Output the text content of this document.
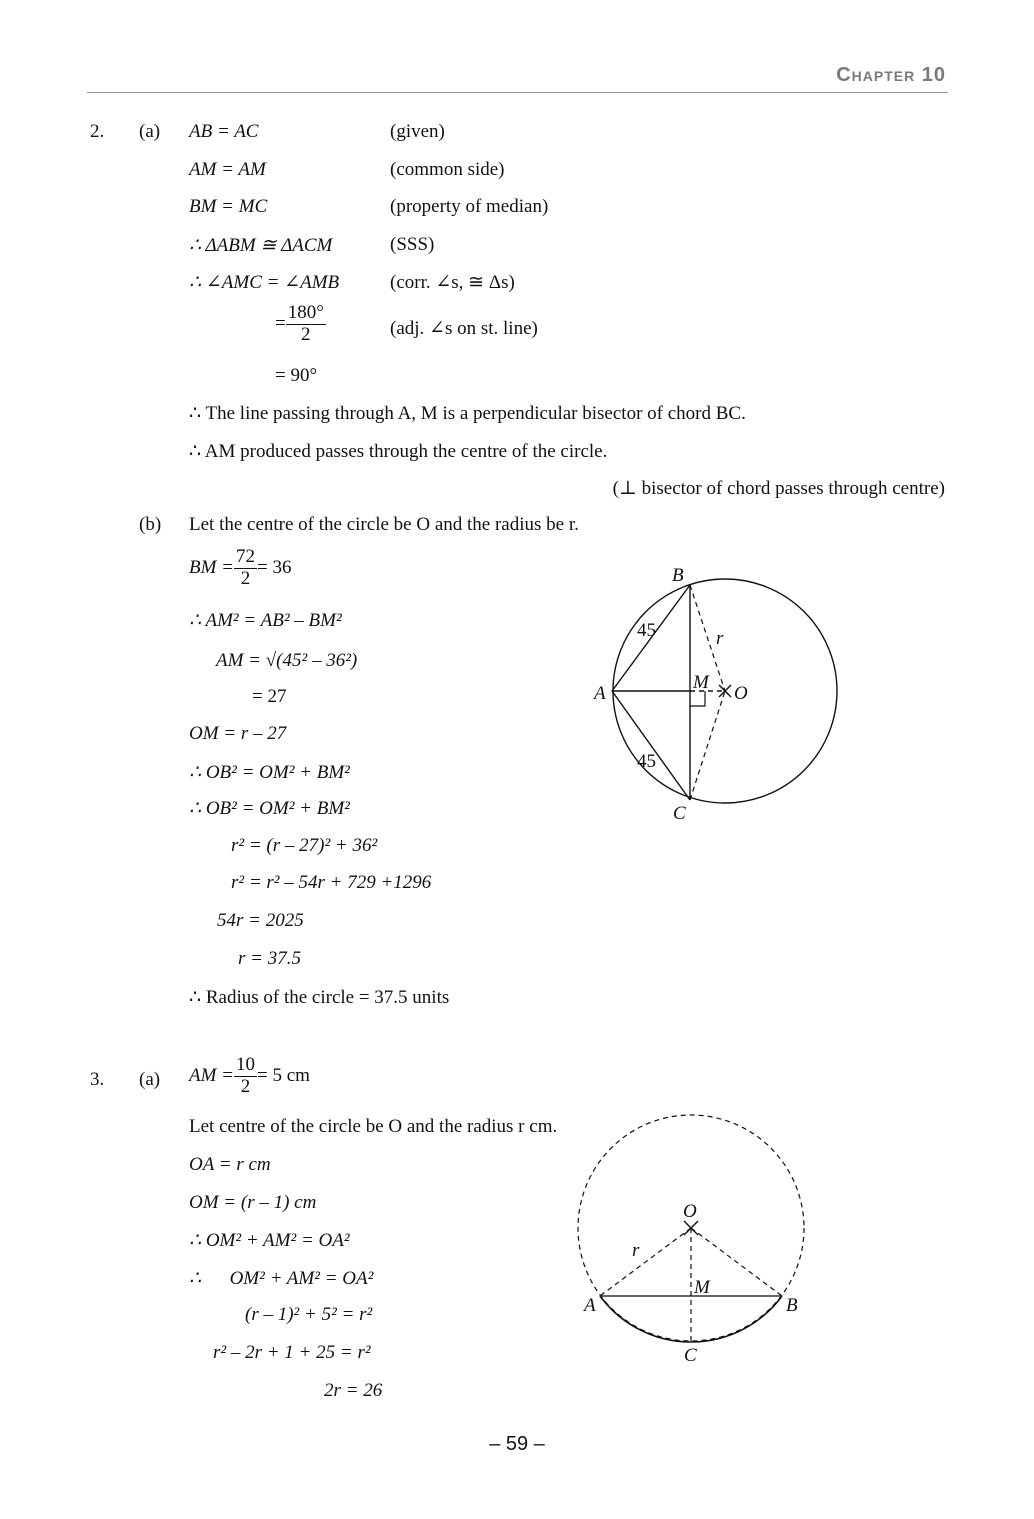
Chapter 10
2. (a) AB = AC	(given)
AM = AM	(common side)
BM = MC	(property of median)
∴ ΔABM ≅ ΔACM	(SSS)
∴ ∠AMC = ∠AMB	(corr. ∠s, ≅ Δs)
= $\frac{180^\circ}{2}$	(adj. ∠s on st. line)
= 90°
∴ The line passing through A, M is a perpendicular bisector of chord BC.
∴ AM produced passes through the centre of the circle.
(⊥ bisector of chord passes through centre)
(b) Let the centre of the circle be O and the radius be r.
BM = $\frac{72}{2} = 36$
∴ AM² = AB² – BM²
AM = √(45² – 36²)
= 27
OM = r – 27
∴ OB² = OM² + BM²
∴ OB² = OM² + BM²
r² = (r – 27)² + 36²
r² = r² – 54r + 729 +1296
54r = 2025
r = 37.5
∴ Radius of the circle = 37.5 units
B
A
C
M
O
r
45
45
3. (a) AM = $\frac{10}{2} = 5$ cm
Let centre of the circle be O and the radius r cm.
OA = r cm
OM = (r – 1) cm
∴ OM² + AM² = OA²
∴      OM² + AM² = OA²
(r – 1)² + 5² = r²
r² – 2r + 1 + 25 = r²
2r = 26
O
r
M
A	B
C
– 59 –
